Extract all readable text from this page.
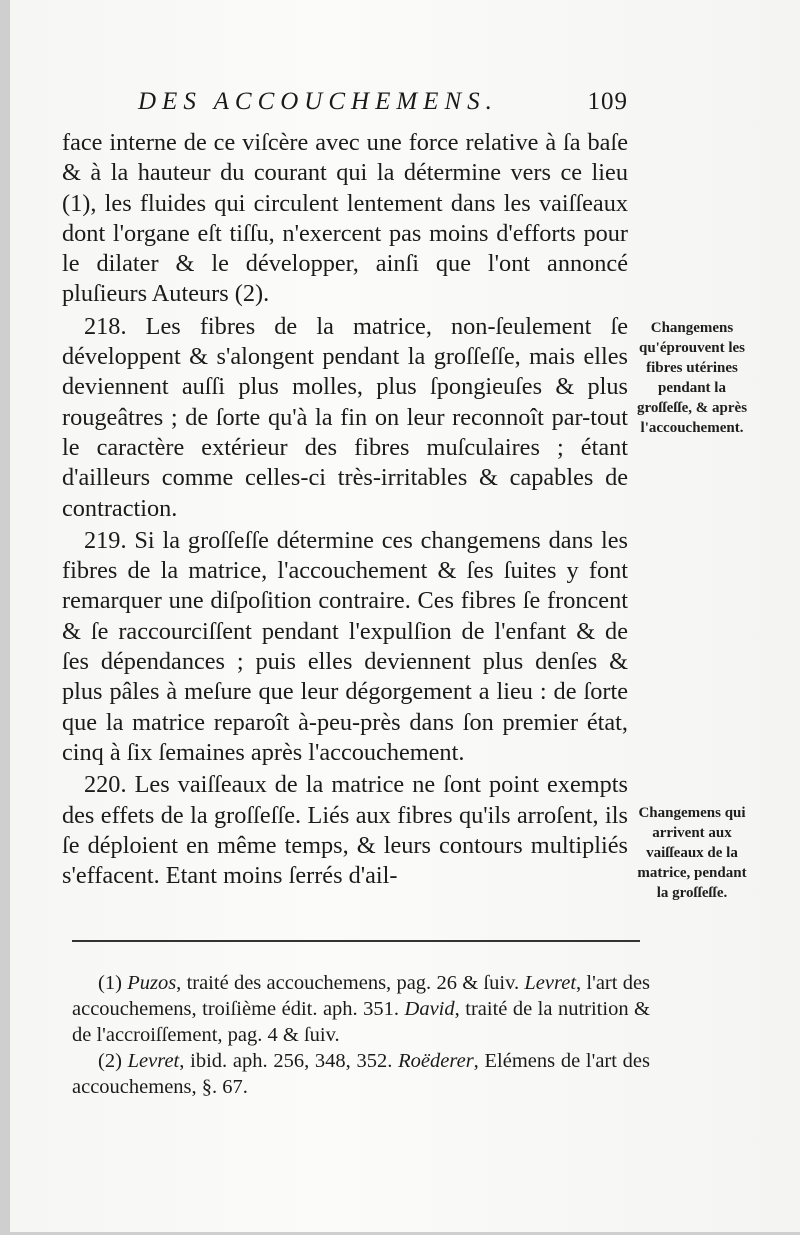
DES ACCOUCHEMENS.	109

face interne de ce viſcère avec une force relative à ſa baſe & à la hauteur du courant qui la détermine vers ce lieu (1), les fluides qui circulent lentement dans les vaiſſeaux dont l'organe eſt tiſſu, n'exercent pas moins d'efforts pour le dilater & le développer, ainſi que l'ont annoncé pluſieurs Auteurs (2).

218. Les fibres de la matrice, non-ſeulement ſe développent & s'alongent pendant la groſſeſſe, mais elles deviennent auſſi plus molles, plus ſpongieuſes & plus rougeâtres ; de ſorte qu'à la fin on leur reconnoît par-tout le caractère extérieur des fibres muſculaires ; étant d'ailleurs comme celles-ci très-irritables & capables de contraction.

219. Si la groſſeſſe détermine ces changemens dans les fibres de la matrice, l'accouchement & ſes ſuites y font remarquer une diſpoſition contraire. Ces fibres ſe froncent & ſe raccourciſſent pendant l'expulſion de l'enfant & de ſes dépendances ; puis elles deviennent plus denſes & plus pâles à meſure que leur dégorgement a lieu : de ſorte que la matrice reparoît à-peu-près dans ſon premier état, cinq à ſix ſemaines après l'accouchement.

220. Les vaiſſeaux de la matrice ne ſont point exempts des effets de la groſſeſſe. Liés aux fibres qu'ils arroſent, ils ſe déploient en même temps, & leurs contours multipliés s'effacent. Etant moins ſerrés d'ail-

Changemens qu'éprouvent les fibres utérines pendant la groſſeſſe, & après l'accouchement.
Changemens qui arrivent aux vaiſſeaux de la matrice, pendant la groſſeſſe.

(1) Puzos, traité des accouchemens, pag. 26 & ſuiv. Levret, l'art des accouchemens, troiſième édit. aph. 351. David, traité de la nutrition & de l'accroiſſement, pag. 4 & ſuiv.

(2) Levret, ibid. aph. 256, 348, 352. Roëderer, Elémens de l'art des accouchemens, §. 67.
